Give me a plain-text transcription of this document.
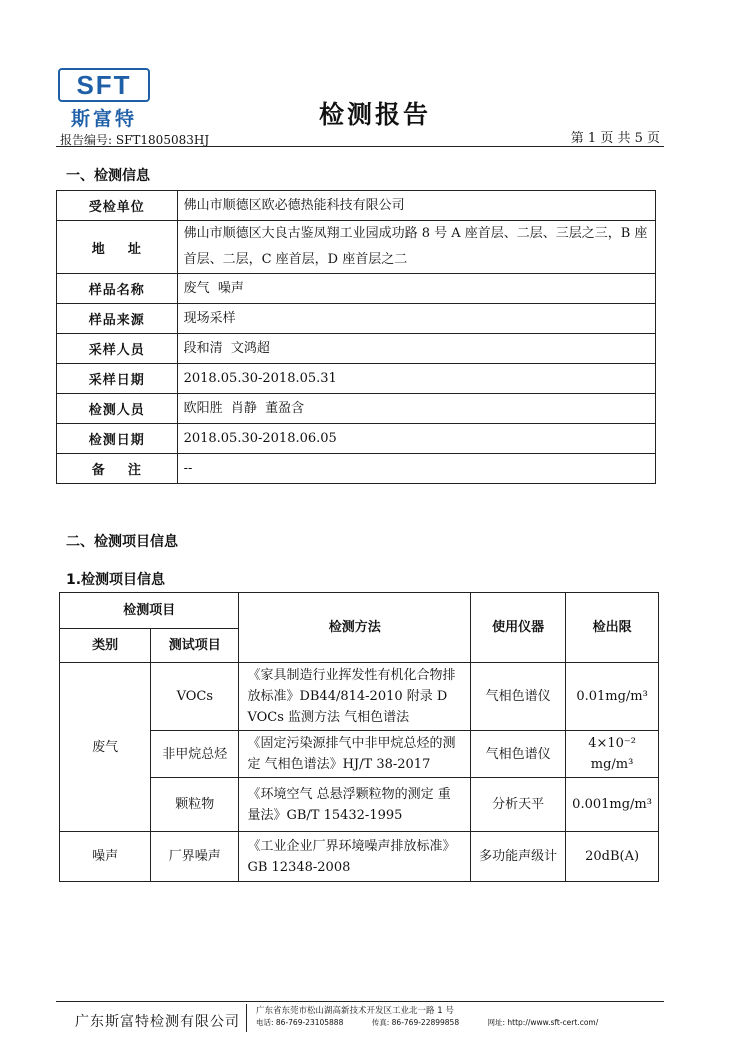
SFT
斯富特	检测报告
报告编号: SFT1805083HJ	第 1 页 共 5 页
一、检测信息
受检单位	佛山市顺德区欧必德热能科技有限公司
地    址	佛山市顺德区大良古鉴凤翔工业园成功路 8 号 A 座首层、二层、三层之三，B 座首层、二层，C 座首层，D 座首层之二
样品名称	废气  噪声
样品来源	现场采样
采样人员	段和清  文鸿超
采样日期	2018.05.30-2018.05.31
检测人员	欧阳胜  肖静  董盈含
检测日期	2018.05.30-2018.06.05
备    注	--
二、检测项目信息
1.检测项目信息
检测项目		检测方法	使用仪器	检出限
类别	测试项目			
废气	VOCs	《家具制造行业挥发性有机化合物排放标准》DB44/814-2010 附录 D VOCs 监测方法 气相色谱法	气相色谱仪	0.01mg/m³
	非甲烷总烃	《固定污染源排气中非甲烷总烃的测定 气相色谱法》HJ/T 38-2017	气相色谱仪	4×10⁻² mg/m³
	颗粒物	《环境空气 总悬浮颗粒物的测定 重量法》GB/T 15432-1995	分析天平	0.001mg/m³
噪声	厂界噪声	《工业企业厂界环境噪声排放标准》GB 12348-2008	多功能声级计	20dB(A)
广东斯富特检测有限公司
广东省东莞市松山湖高新技术开发区工业北一路 1 号
电话: 86-769-23105888	传真: 86-769-22899858	网址: http://www.sft-cert.com/
